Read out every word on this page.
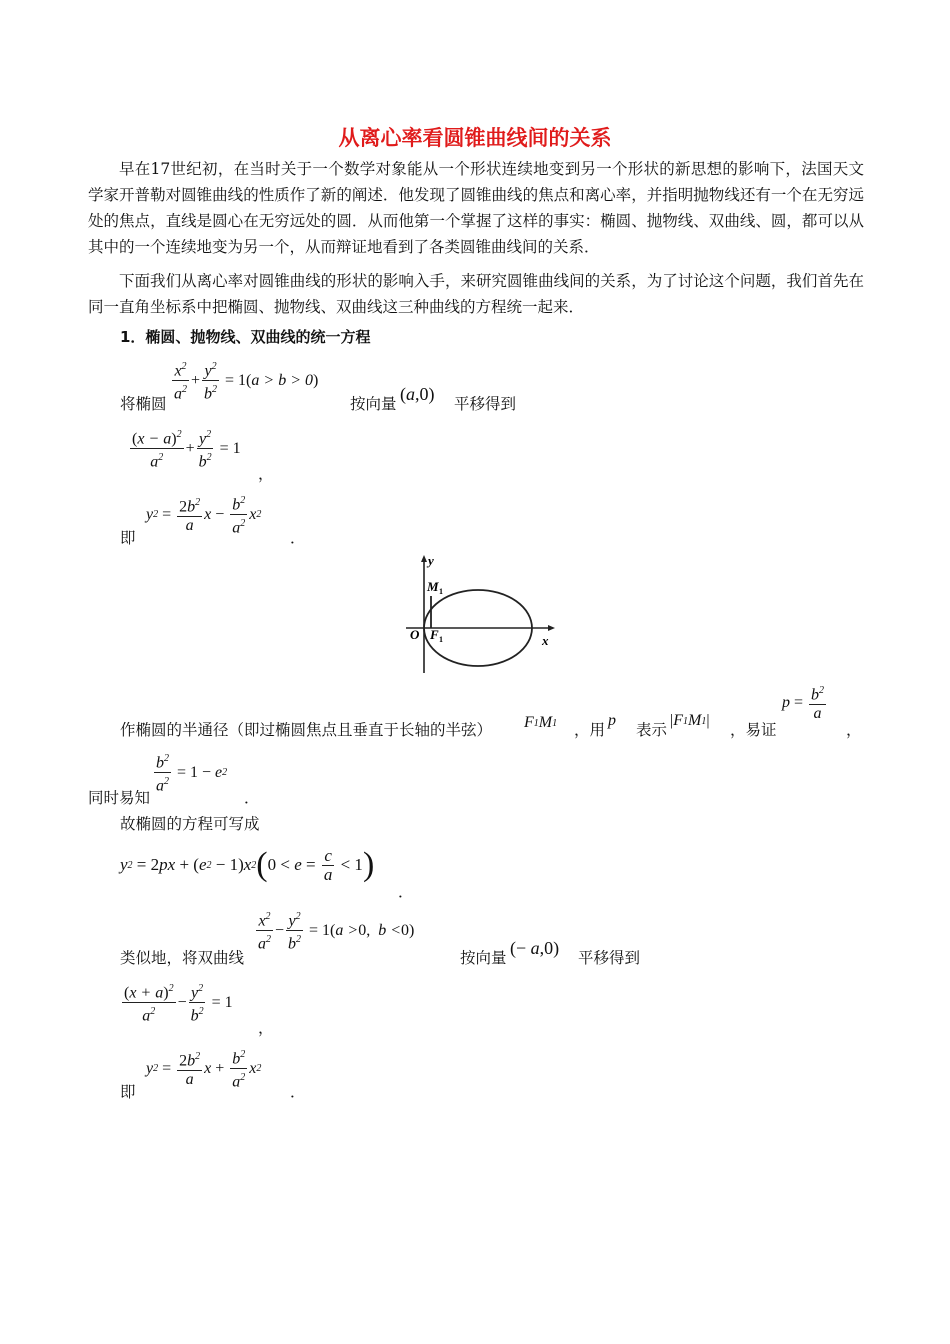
从离心率看圆锥曲线间的关系
早在17世纪初，在当时关于一个数学对象能从一个形状连续地变到另一个形状的新思想的影响下，法国天文学家开普勒对圆锥曲线的性质作了新的阐述．他发现了圆锥曲线的焦点和离心率，并指明抛物线还有一个在无穷远处的焦点，直线是圆心在无穷远处的圆．从而他第一个掌握了这样的事实：椭圆、抛物线、双曲线、圆，都可以从其中的一个连续地变为另一个，从而辩证地看到了各类圆锥曲线间的关系．
下面我们从离心率对圆锥曲线的形状的影响入手，来研究圆锥曲线间的关系，为了讨论这个问题，我们首先在同一直角坐标系中把椭圆、抛物线、双曲线这三种曲线的方程统一起来．
1．椭圆、抛物线、双曲线的统一方程
将椭圆
$\frac{x^2}{a^2} + \frac{y^2}{b^2} = 1$( a > b > 0 )
按向量 ( a ,0) 平移得到
$\frac{(x - a)^2}{a^2} + \frac{y^2}{b^2} = 1$
，
即
y $2 = \frac{2b^2}{a}$ $x - \frac{b^2}{a^2}$ x 2
．
y
x
O
M 1
F 1
作椭圆的半通径（即过椭圆焦点且垂直于长轴的半弦） F 1 M 1 ，用
p
表示
| F 1 M 1 |
，易证
$p = \frac{b^2}{a}$
，
同时易知
$\frac{b^2}{a^2} = 1 - e$ 2
．
故椭圆的方程可写成
y 2 = 2 px + ( e 2 − 1) x 2 ( $0 < e = \frac{c}{a} < 1$ )
．
类似地，将双曲线
$\frac{x^2}{a^2} - \frac{y^2}{b^2} = 1$( a > 0, b < 0)
按向量 (− a ,0) 平移得到
$\frac{(x + a)^2}{a^2} - \frac{y^2}{b^2} = 1$
，
即
y $2 = \frac{2b^2}{a}$ $x + \frac{b^2}{a^2}$ x 2
．
